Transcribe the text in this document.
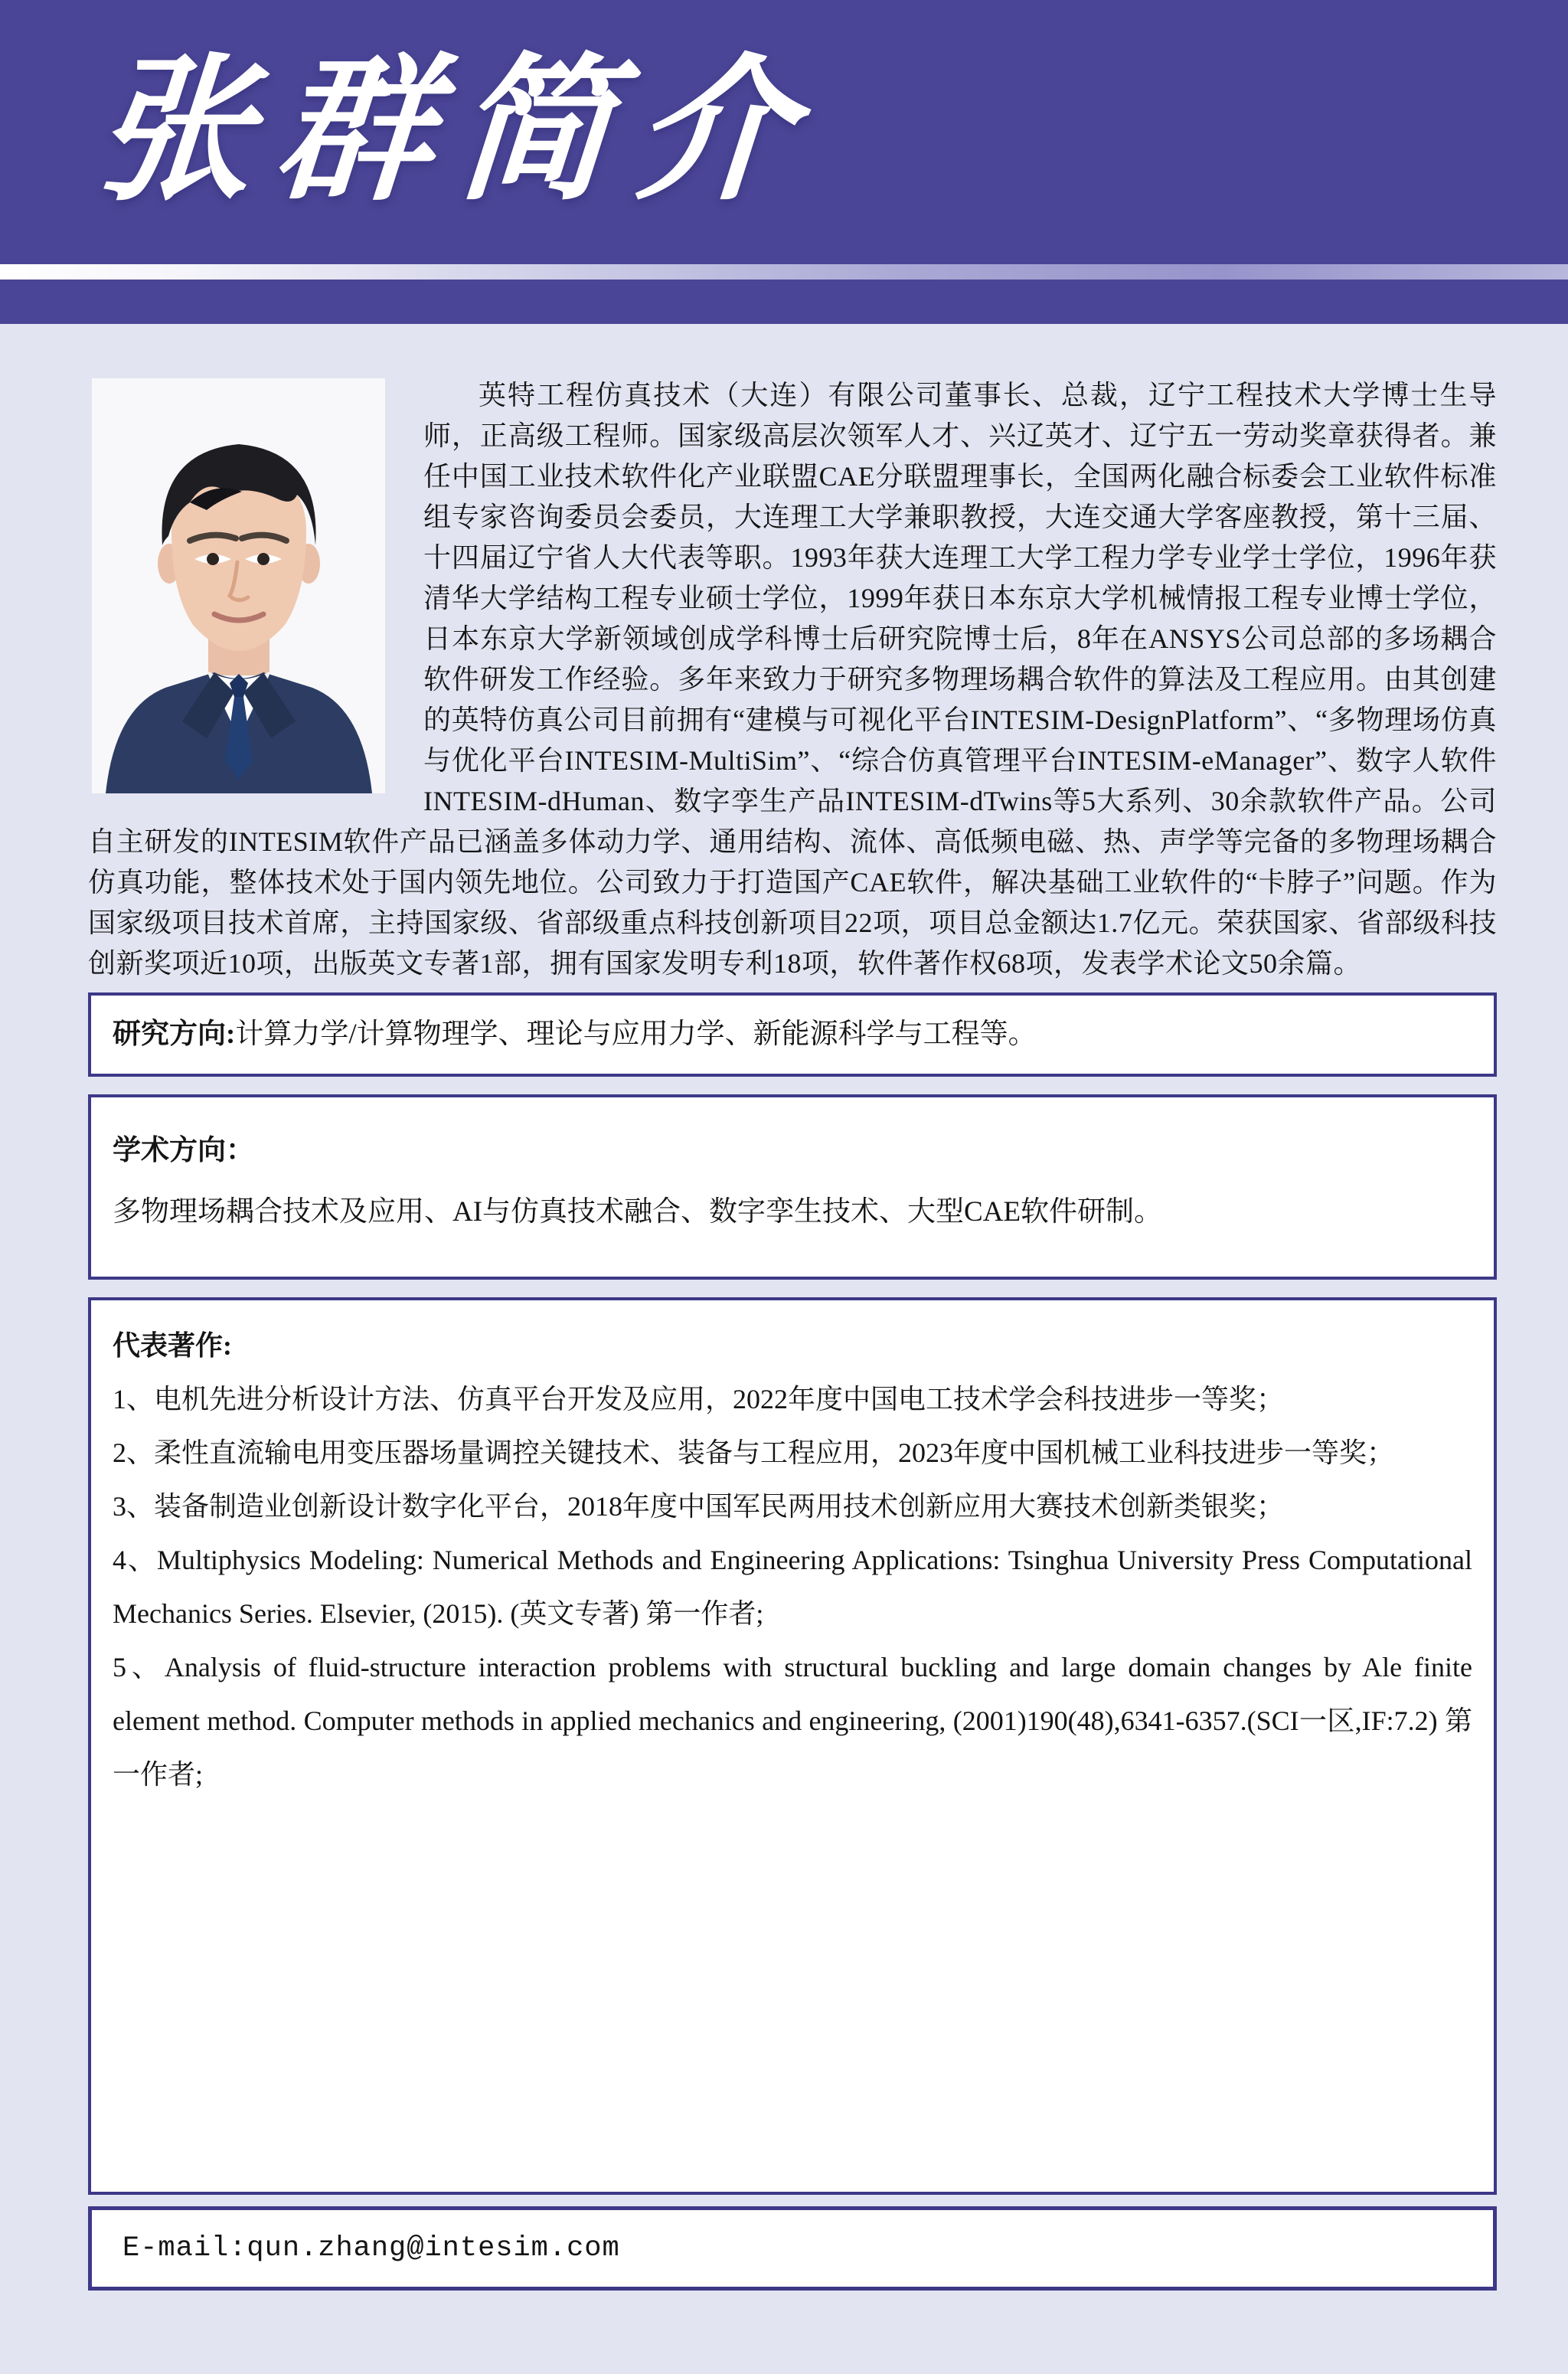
张群简介

英特工程仿真技术（大连）有限公司董事长、总裁，辽宁工程技术大学博士生导师，正高级工程师。国家级高层次领军人才、兴辽英才、辽宁五一劳动奖章获得者。兼任中国工业技术软件化产业联盟CAE分联盟理事长，全国两化融合标委会工业软件标准组专家咨询委员会委员，大连理工大学兼职教授，大连交通大学客座教授，第十三届、十四届辽宁省人大代表等职。1993年获大连理工大学工程力学专业学士学位，1996年获清华大学结构工程专业硕士学位，1999年获日本东京大学机械情报工程专业博士学位，日本东京大学新领域创成学科博士后研究院博士后，8年在ANSYS公司总部的多场耦合软件研发工作经验。多年来致力于研究多物理场耦合软件的算法及工程应用。由其创建的英特仿真公司目前拥有“建模与可视化平台INTESIM-DesignPlatform”、“多物理场仿真与优化平台INTESIM-MultiSim”、“综合仿真管理平台INTESIM-eManager”、数字人软件INTESIM-dHuman、数字孪生产品INTESIM-dTwins等5大系列、30余款软件产品。公司自主研发的INTESIM软件产品已涵盖多体动力学、通用结构、流体、高低频电磁、热、声学等完备的多物理场耦合仿真功能，整体技术处于国内领先地位。公司致力于打造国产CAE软件，解决基础工业软件的“卡脖子”问题。作为国家级项目技术首席，主持国家级、省部级重点科技创新项目22项，项目总金额达1.7亿元。荣获国家、省部级科技创新奖项近10项，出版英文专著1部，拥有国家发明专利18项，软件著作权68项，发表学术论文50余篇。

研究方向:计算力学/计算物理学、理论与应用力学、新能源科学与工程等。

学术方向：

多物理场耦合技术及应用、AI与仿真技术融合、数字孪生技术、大型CAE软件研制。

代表著作:

1、电机先进分析设计方法、仿真平台开发及应用，2022年度中国电工技术学会科技进步一等奖；
2、柔性直流输电用变压器场量调控关键技术、装备与工程应用，2023年度中国机械工业科技进步一等奖；
3、装备制造业创新设计数字化平台，2018年度中国军民两用技术创新应用大赛技术创新类银奖；
4、Multiphysics Modeling: Numerical Methods and Engineering Applications: Tsinghua University Press Computational Mechanics Series. Elsevier, (2015). (英文专著) 第一作者;
5、Analysis of fluid-structure interaction problems with structural buckling and large domain changes by Ale finite element method. Computer methods in applied mechanics and engineering, (2001)190(48),6341-6357.(SCI一区,IF:7.2) 第一作者;

E-mail:qun.zhang@intesim.com
